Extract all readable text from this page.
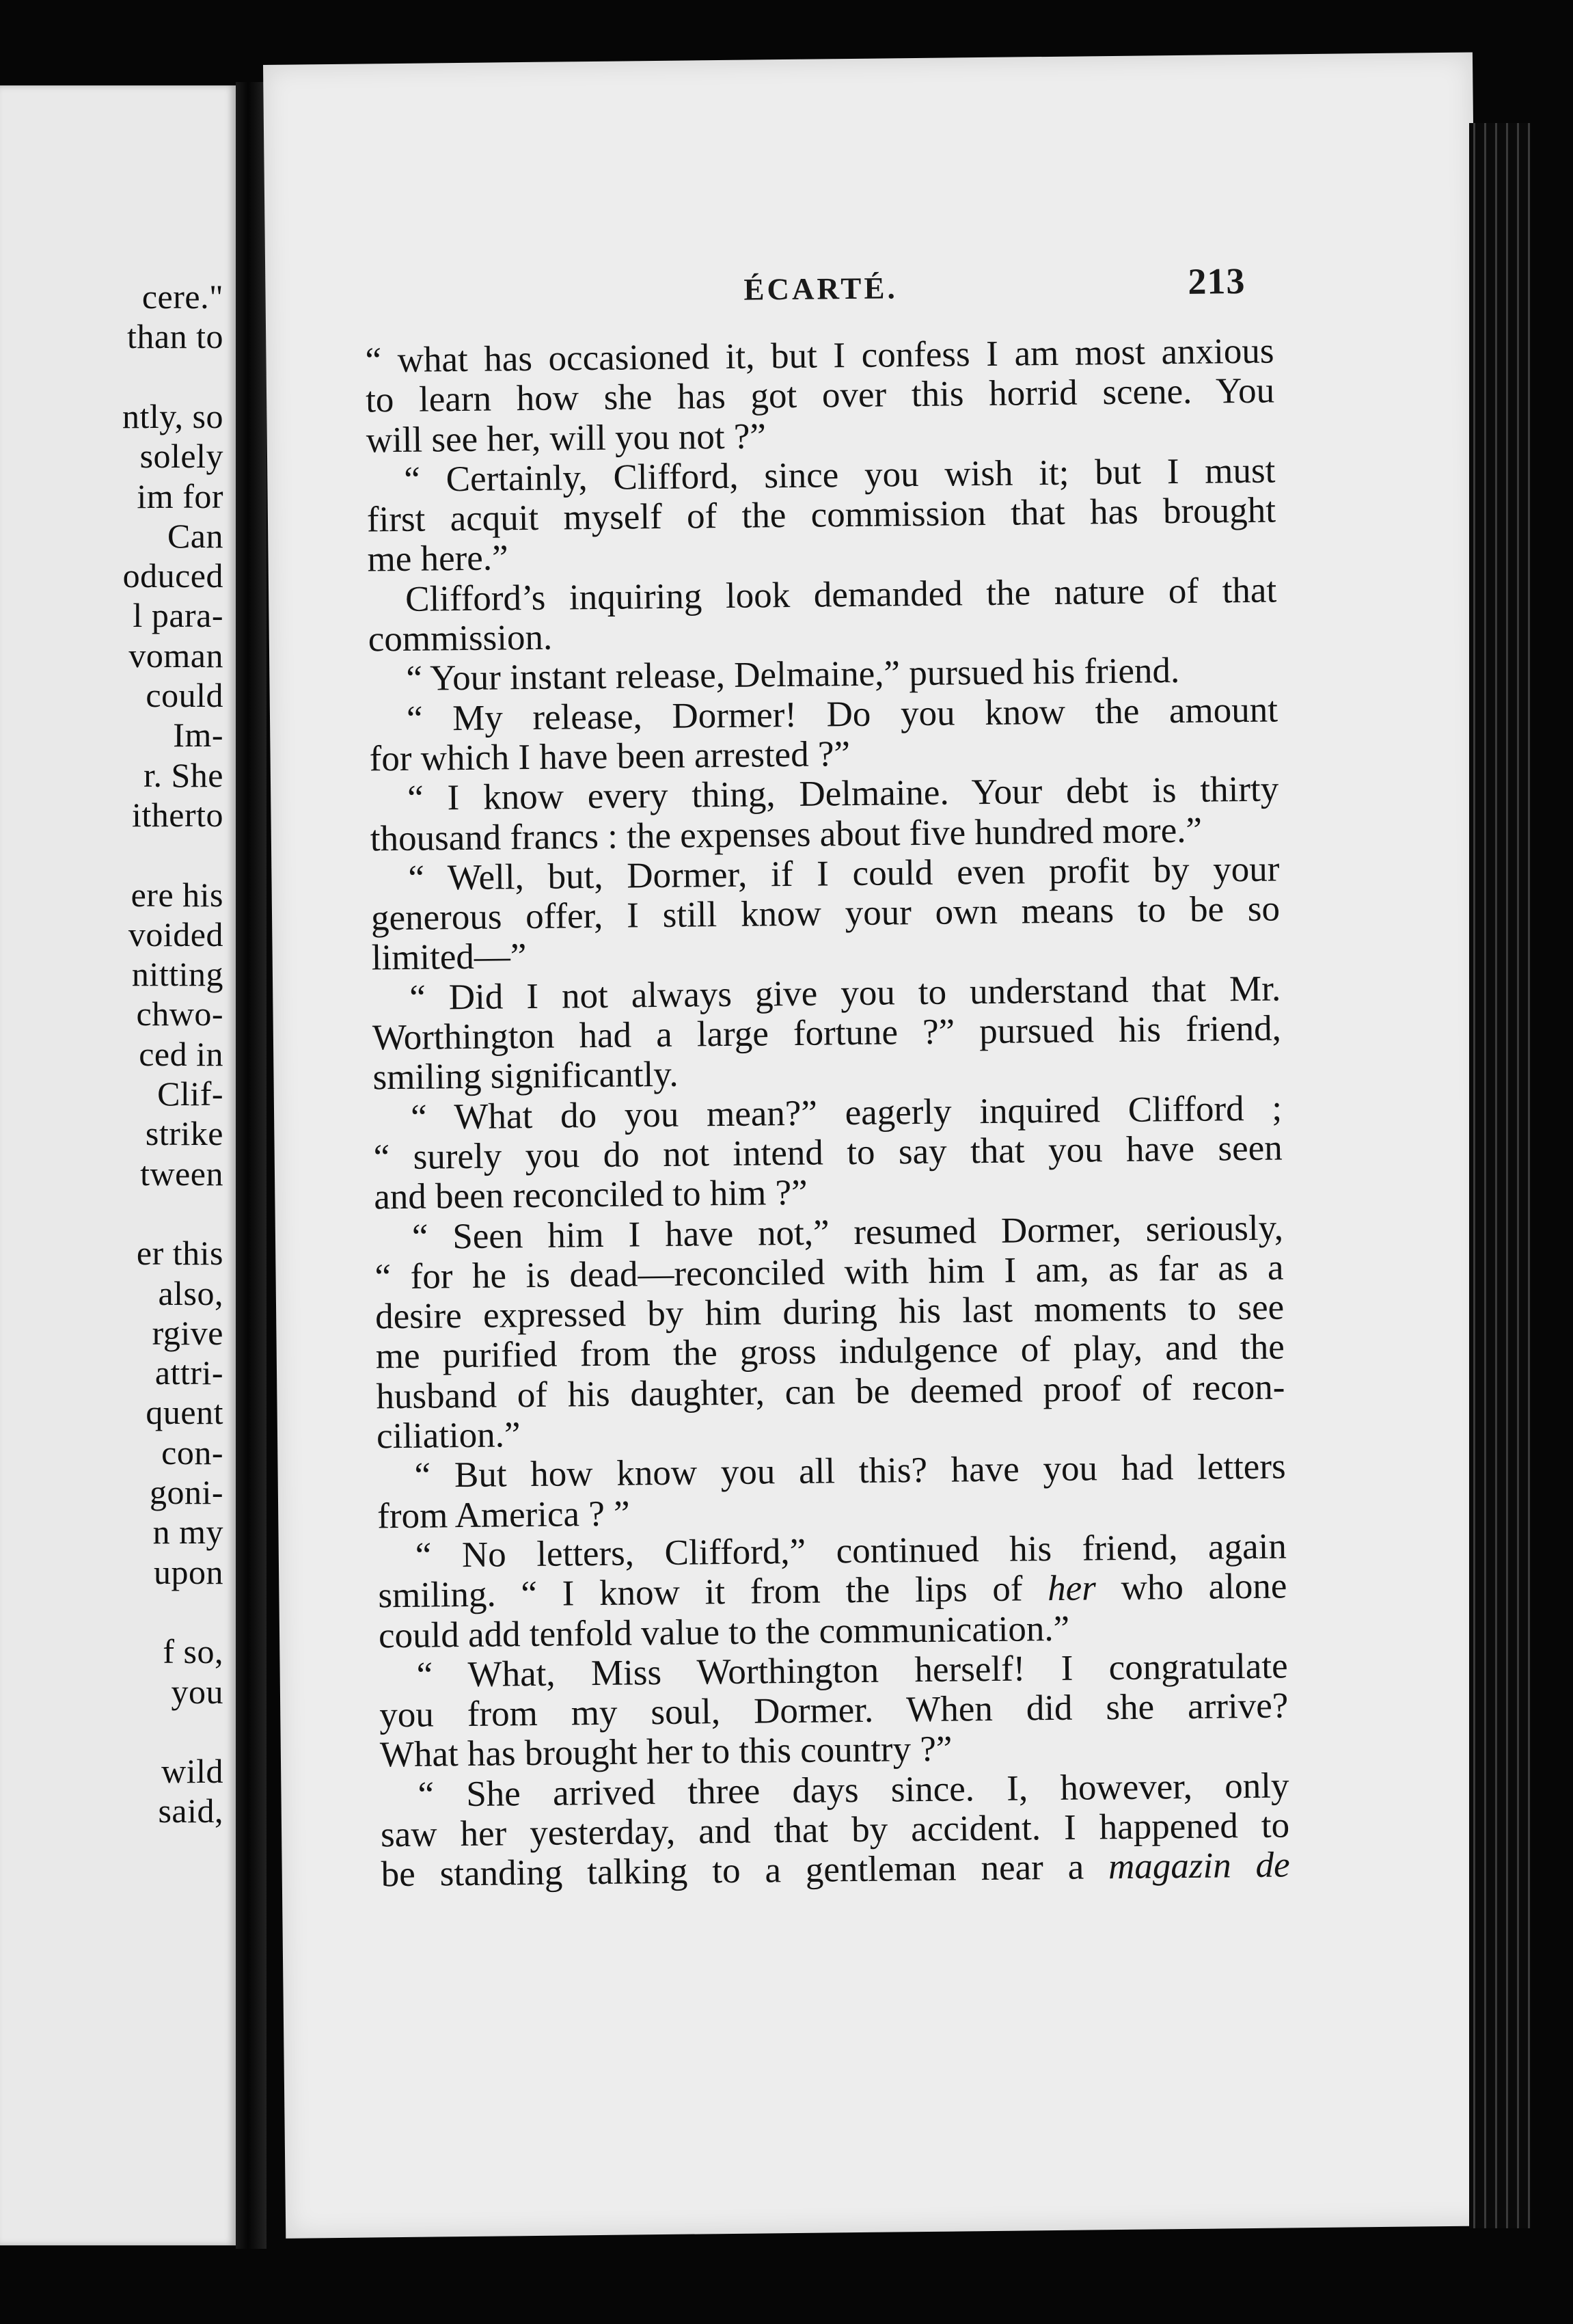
cere."
than to
ntly, so
solely
im for
Can
oduced
l para-
voman
could
Im-
r. She
itherto
ere his
voided
nitting
chwo-
ced in
Clif-
strike
tween
er this
also,
rgive
attri-
quent
con-
goni-
n my
upon
f so,
you
wild
said,
ÉCARTÉ.	213
“ what has occasioned it, but I confess I am most anxious
to learn how she has got over this horrid scene. You
will see her, will you not ?”
“ Certainly, Clifford, since you wish it; but I must
first acquit myself of the commission that has brought
me here.”
Clifford’s inquiring look demanded the nature of that
commission.
“ Your instant release, Delmaine,” pursued his friend.
“ My release, Dormer! Do you know the amount
for which I have been arrested ?”
“ I know every thing, Delmaine. Your debt is thirty
thousand francs : the expenses about five hundred more.”
“ Well, but, Dormer, if I could even profit by your
generous offer, I still know your own means to be so
limited—”
“ Did I not always give you to understand that Mr.
Worthington had a large fortune ?” pursued his friend,
smiling significantly.
“ What do you mean?” eagerly inquired Clifford ;
“ surely you do not intend to say that you have seen
and been reconciled to him ?”
“ Seen him I have not,” resumed Dormer, seriously,
“ for he is dead—reconciled with him I am, as far as a
desire expressed by him during his last moments to see
me purified from the gross indulgence of play, and the
husband of his daughter, can be deemed proof of recon-
ciliation.”
“ But how know you all this? have you had letters
from America ? ”
“ No letters, Clifford,” continued his friend, again
smiling. “ I know it from the lips of her who alone
could add tenfold value to the communication.”
“ What, Miss Worthington herself! I congratulate
you from my soul, Dormer. When did she arrive?
What has brought her to this country ?”
“ She arrived three days since. I, however, only
saw her yesterday, and that by accident. I happened to
be standing talking to a gentleman near a magazin de
